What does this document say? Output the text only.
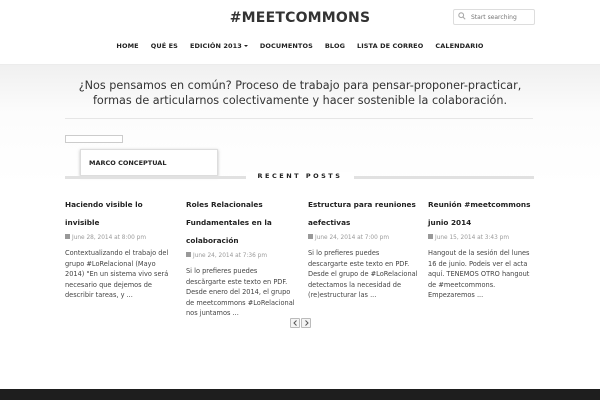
#MEETCOMMONS
Start searching
HOME QUÉ ES EDICIÓN 2013	DOCUMENTOS BLOG LISTA DE CORREO CALENDARIO
¿Nos pensamos en común? Proceso de trabajo para pensar-proponer-practicar,
formas de articularnos colectivamente y hacer sostenible la colaboración.
MARCO CONCEPTUAL
RECENT POSTS
Haciendo visible lo invisible
June 28, 2014 at 8:00 pm

Contextualizando el trabajo del grupo #LoRelacional (Mayo 2014) "En un sistema vivo será necesario que dejemos de describir tareas, y ...

Roles Relacionales Fundamentales en la colaboración
June 24, 2014 at 7:36 pm

Si lo prefieres puedes descărgarte este texto en PDF. Desde enero del 2014, el grupo de meetcommons #LoRelacional nos juntamos ...

Estructura para reuniones aefectivas
June 24, 2014 at 7:00 pm

Si lo prefieres puedes descargarte este texto en PDF. Desde el grupo de #LoRelacional detectamos la necesidad de (re)estructurar las ...

Reunión #meetcommons junio 2014
June 15, 2014 at 3:43 pm

Hangout de la sesión del lunes 16 de junio. Podeis ver el acta aquí. TENEMOS OTRO hangout de #meetcommons. Empezaremos ...
